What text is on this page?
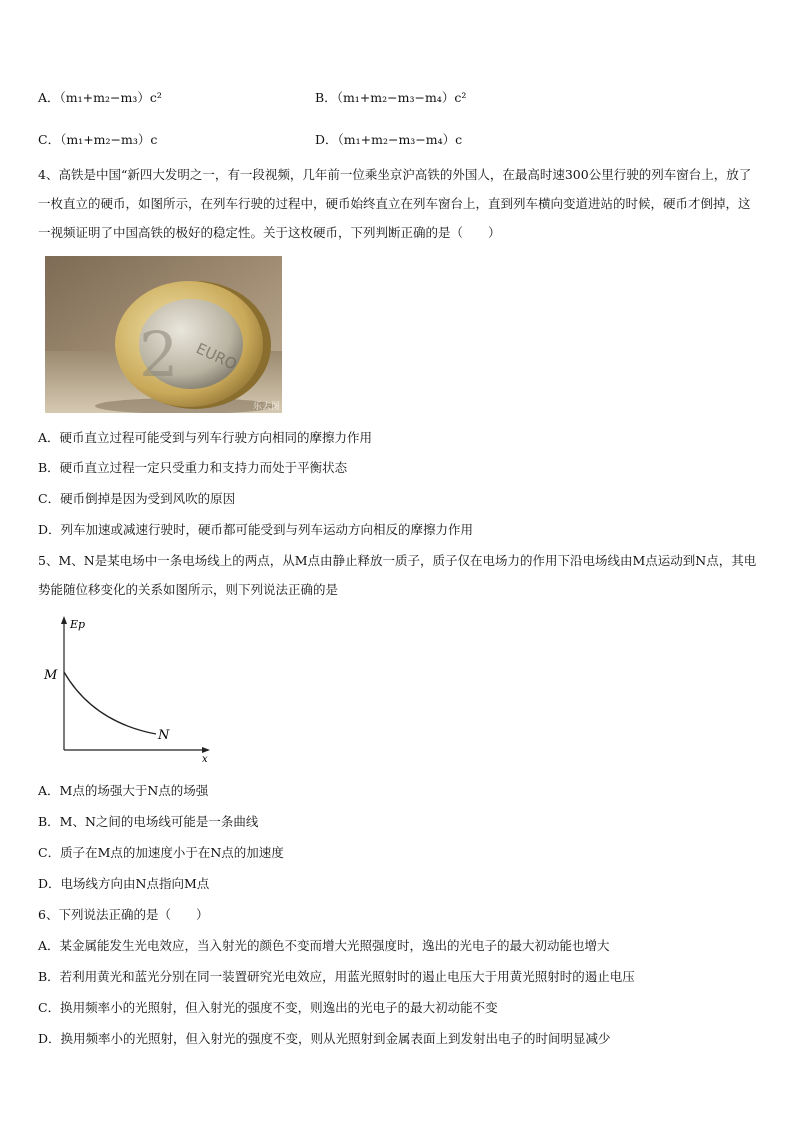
A．（m₁+m₂−m₃）c²	B．（m₁+m₂−m₃−m₄）c²
C．（m₁+m₂−m₃）c	D．（m₁+m₂−m₃−m₄）c
4、高铁是中国“新四大发明之一，有一段视频，几年前一位乘坐京沪高铁的外国人，在最高时速300公里行驶的列车窗台上，放了一枚直立的硬币，如图所示，在列车行驶的过程中，硬币始终直立在列车窗台上，直到列车横向变道进站的时候，硬币才倒掉，这一视频证明了中国高铁的极好的稳定性。关于这枚硬币，下列判断正确的是（　　）
2 EURO
乐去图
A．硬币直立过程可能受到与列车行驶方向相同的摩擦力作用
B．硬币直立过程一定只受重力和支持力而处于平衡状态
C．硬币倒掉是因为受到风吹的原因
D．列车加速或减速行驶时，硬币都可能受到与列车运动方向相反的摩擦力作用
5、M、N是某电场中一条电场线上的两点，从M点由静止释放一质子，质子仅在电场力的作用下沿电场线由M点运动到N点，其电势能随位移变化的关系如图所示，则下列说法正确的是
Ep
x
M
N
A．M点的场强大于N点的场强
B．M、N之间的电场线可能是一条曲线
C．质子在M点的加速度小于在N点的加速度
D．电场线方向由N点指向M点
6、下列说法正确的是（　　）
A．某金属能发生光电效应，当入射光的颜色不变而增大光照强度时，逸出的光电子的最大初动能也增大
B．若利用黄光和蓝光分别在同一装置研究光电效应，用蓝光照射时的遏止电压大于用黄光照射时的遏止电压
C．换用频率小的光照射，但入射光的强度不变，则逸出的光电子的最大初动能不变
D．换用频率小的光照射，但入射光的强度不变，则从光照射到金属表面上到发射出电子的时间明显减少
